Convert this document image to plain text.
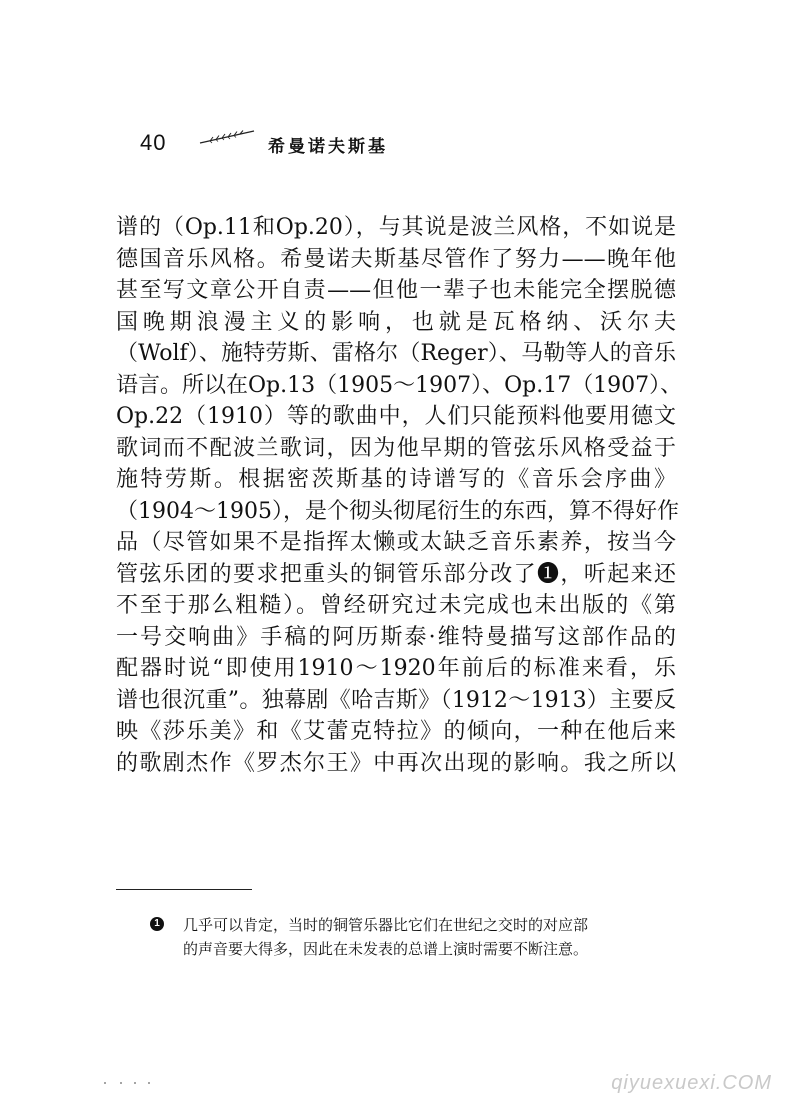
40	希曼诺夫斯基
谱的（Op.11和Op.20），与其说是波兰风格，不如说是
德国音乐风格。希曼诺夫斯基尽管作了努力——晚年他
甚至写文章公开自责——但他一辈子也未能完全摆脱德
国晚期浪漫主义的影响，也就是瓦格纳、沃尔夫
（Wolf）、施特劳斯、雷格尔（Reger）、马勒等人的音乐
语言。所以在Op.13（1905～1907）、Op.17（1907）、
Op.22（1910）等的歌曲中，人们只能预料他要用德文
歌词而不配波兰歌词，因为他早期的管弦乐风格受益于
施特劳斯。根据密茨斯基的诗谱写的《音乐会序曲》
（1904～1905），是个彻头彻尾衍生的东西，算不得好作
品（尽管如果不是指挥太懒或太缺乏音乐素养，按当今
管弦乐团的要求把重头的铜管乐部分改了❶，听起来还
不至于那么粗糙）。曾经研究过未完成也未出版的《第
一号交响曲》手稿的阿历斯泰·维特曼描写这部作品的
配器时说“即使用1910～1920年前后的标准来看，乐
谱也很沉重”。独幕剧《哈吉斯》（1912～1913）主要反
映《莎乐美》和《艾蕾克特拉》的倾向，一种在他后来
的歌剧杰作《罗杰尔王》中再次出现的影响。我之所以
1 几乎可以肯定，当时的铜管乐器比它们在世纪之交时的对应部
的声音要大得多，因此在未发表的总谱上演时需要不断注意。
qiyuexuexi.COM
